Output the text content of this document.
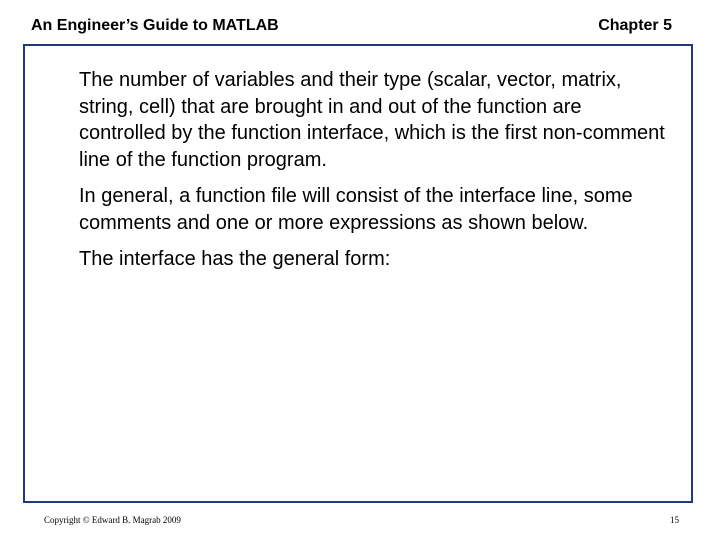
An Engineer’s Guide to MATLAB	Chapter 5

The number of variables and their type (scalar, vector, matrix, string, cell) that are brought in and out of the function are controlled by the function interface, which is the first non-comment line of the function program.

In general, a function file will consist of the interface line, some comments and one or more expressions as shown below.

The interface has the general form:

Copyright © Edward B. Magrab 2009	15
